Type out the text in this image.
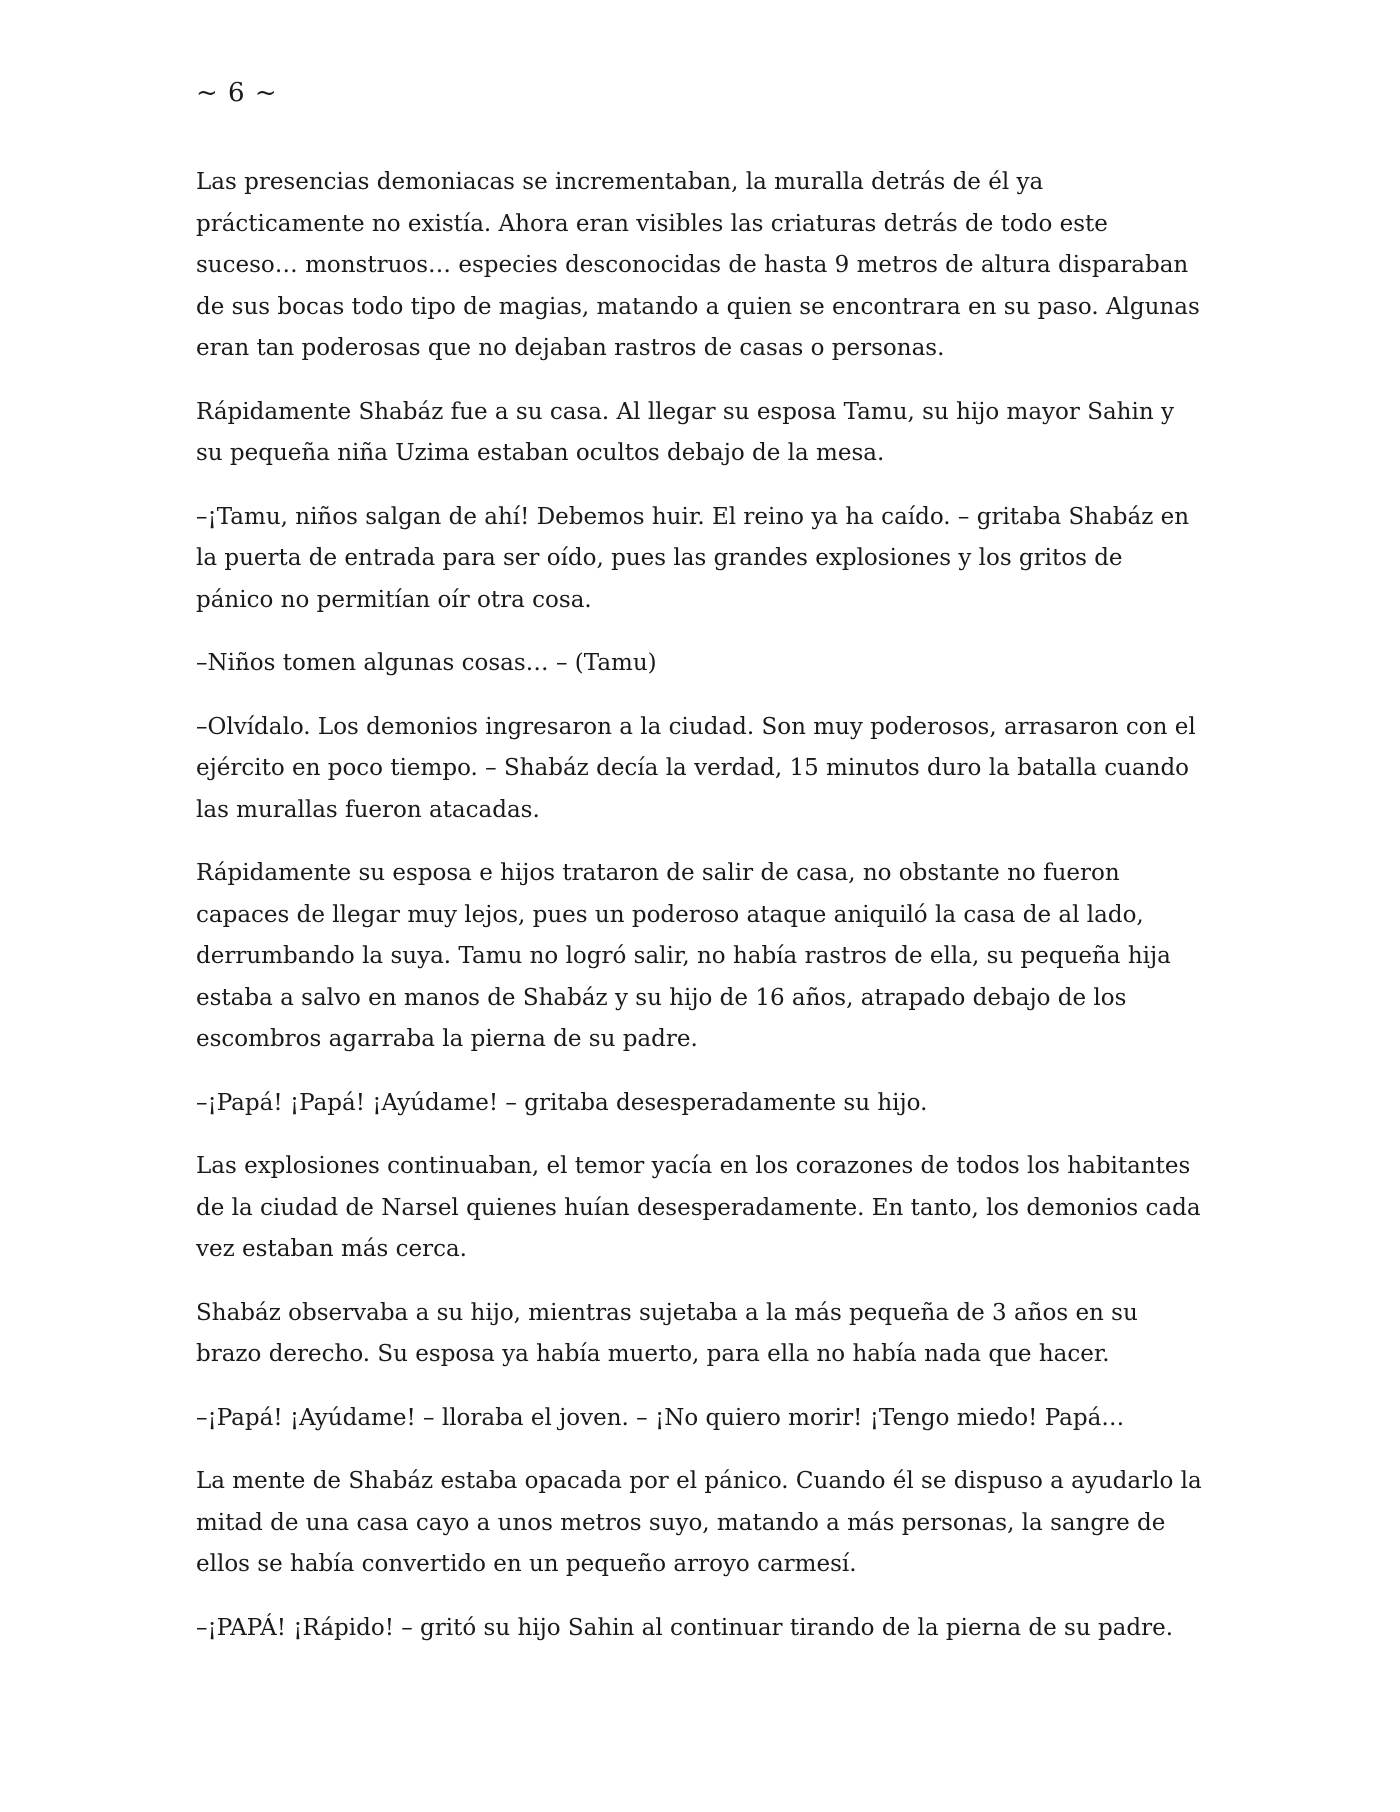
~ 6 ~

Las presencias demoniacas se incrementaban, la muralla detrás de él ya prácticamente no existía. Ahora eran visibles las criaturas detrás de todo este suceso… monstruos… especies desconocidas de hasta 9 metros de altura disparaban de sus bocas todo tipo de magias, matando a quien se encontrara en su paso. Algunas eran tan poderosas que no dejaban rastros de casas o personas.

Rápidamente Shabáz fue a su casa. Al llegar su esposa Tamu, su hijo mayor Sahin y su pequeña niña Uzima estaban ocultos debajo de la mesa.

–¡Tamu, niños salgan de ahí! Debemos huir. El reino ya ha caído. – gritaba Shabáz en la puerta de entrada para ser oído, pues las grandes explosiones y los gritos de pánico no permitían oír otra cosa.

–Niños tomen algunas cosas… – (Tamu)

–Olvídalo. Los demonios ingresaron a la ciudad. Son muy poderosos, arrasaron con el ejército en poco tiempo. – Shabáz decía la verdad, 15 minutos duro la batalla cuando las murallas fueron atacadas.

Rápidamente su esposa e hijos trataron de salir de casa, no obstante no fueron capaces de llegar muy lejos, pues un poderoso ataque aniquiló la casa de al lado, derrumbando la suya. Tamu no logró salir, no había rastros de ella, su pequeña hija estaba a salvo en manos de Shabáz y su hijo de 16 años, atrapado debajo de los escombros agarraba la pierna de su padre.

–¡Papá! ¡Papá! ¡Ayúdame! – gritaba desesperadamente su hijo.

Las explosiones continuaban, el temor yacía en los corazones de todos los habitantes de la ciudad de Narsel quienes huían desesperadamente. En tanto, los demonios cada vez estaban más cerca.

Shabáz observaba a su hijo, mientras sujetaba a la más pequeña de 3 años en su brazo derecho. Su esposa ya había muerto, para ella no había nada que hacer.

–¡Papá! ¡Ayúdame! – lloraba el joven. – ¡No quiero morir! ¡Tengo miedo! Papá…

La mente de Shabáz estaba opacada por el pánico. Cuando él se dispuso a ayudarlo la mitad de una casa cayo a unos metros suyo, matando a más personas, la sangre de ellos se había convertido en un pequeño arroyo carmesí.

–¡PAPÁ! ¡Rápido! – gritó su hijo Sahin al continuar tirando de la pierna de su padre.
